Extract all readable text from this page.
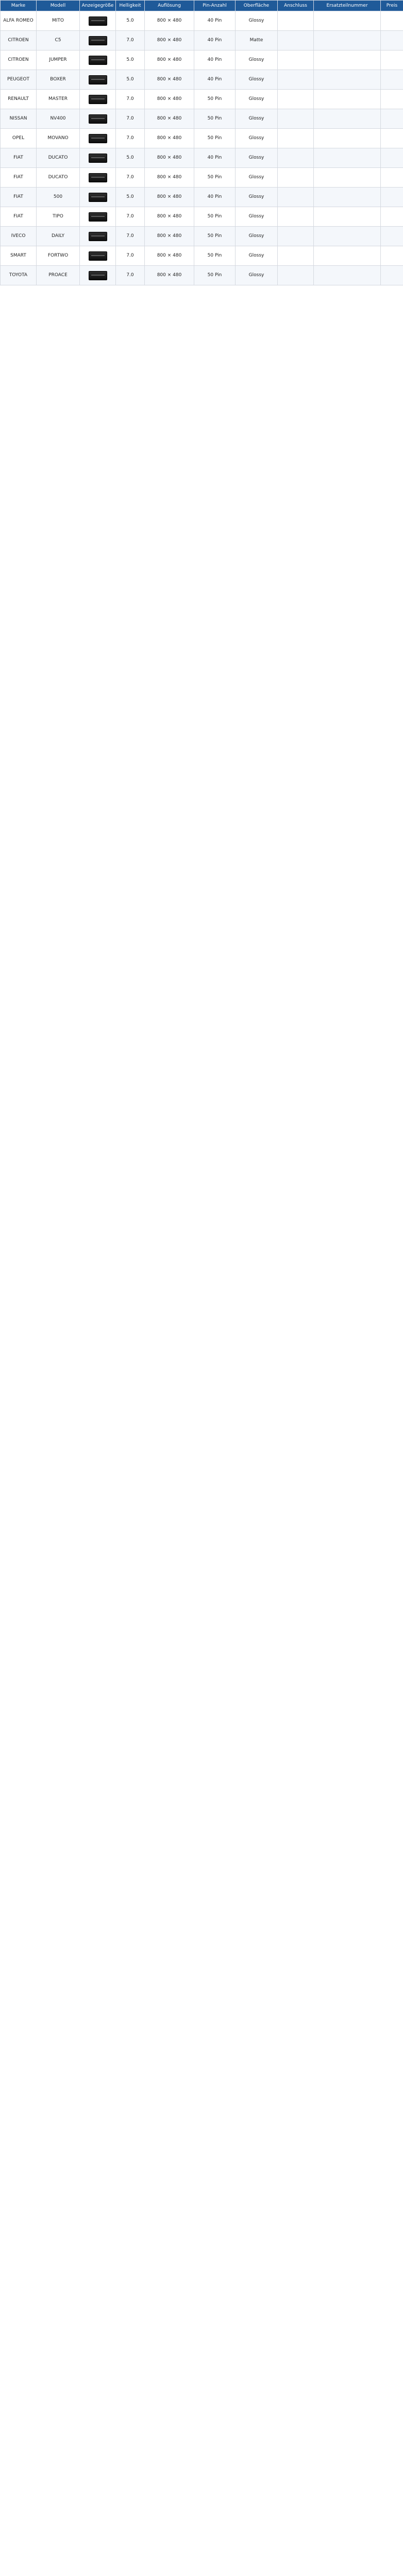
Marke	Modell	Anzeigegröße	Helligkeit	Auflösung	Pin-Anzahl	Oberfläche	Anschluss	Ersatzteilnummer	Preis
ALFA ROMEO	MITO		5.0	800 × 480	40 Pin	Glossy			
CITROEN	C5		7.0	800 × 480	40 Pin	Matte			
CITROEN	JUMPER		5.0	800 × 480	40 Pin	Glossy			
PEUGEOT	BOXER		5.0	800 × 480	40 Pin	Glossy			
RENAULT	MASTER		7.0	800 × 480	50 Pin	Glossy			
NISSAN	NV400		7.0	800 × 480	50 Pin	Glossy			
OPEL	MOVANO		7.0	800 × 480	50 Pin	Glossy			
FIAT	DUCATO		5.0	800 × 480	40 Pin	Glossy			
FIAT	DUCATO		7.0	800 × 480	50 Pin	Glossy			
FIAT	500		5.0	800 × 480	40 Pin	Glossy			
FIAT	TIPO		7.0	800 × 480	50 Pin	Glossy			
IVECO	DAILY		7.0	800 × 480	50 Pin	Glossy			
SMART	FORTWO		7.0	800 × 480	50 Pin	Glossy			
TOYOTA	PROACE		7.0	800 × 480	50 Pin	Glossy			
